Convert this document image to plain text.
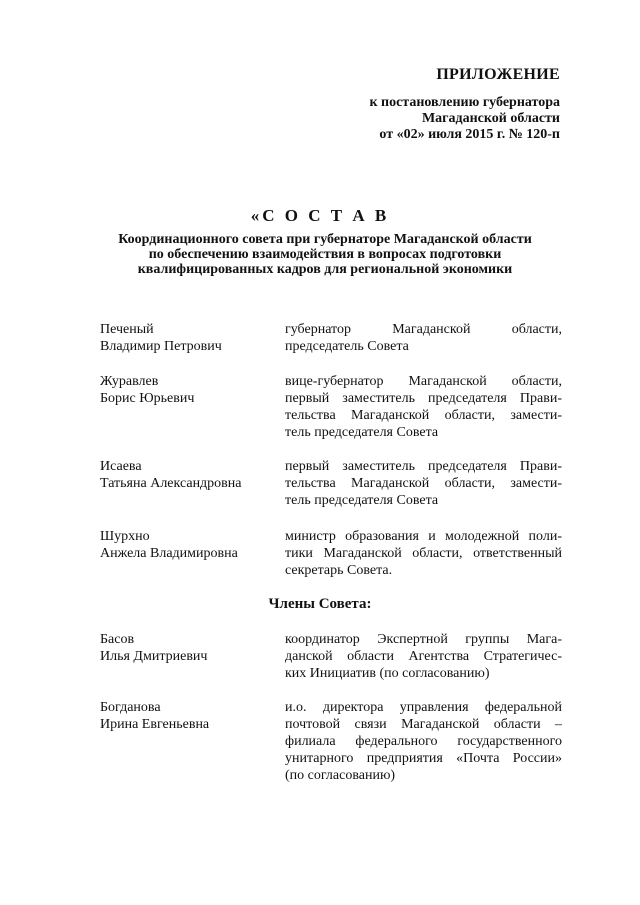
ПРИЛОЖЕНИЕ
к постановлению губернатора
Магаданской области
от «02» июля 2015 г. № 120-п
«С О С Т А В
Координационного совета при губернаторе Магаданской области
по обеспечению взаимодействия в вопросах подготовки
квалифицированных кадров для региональной экономики
Печеный
Владимир Петрович
губернатор Магаданской области,
председатель Совета
Журавлев
Борис Юрьевич
вице-губернатор Магаданской области,
первый заместитель председателя Прави-
тельства Магаданской области, замести-
тель председателя Совета
Исаева
Татьяна Александровна
первый заместитель председателя Прави-
тельства Магаданской области, замести-
тель председателя Совета
Шурхно
Анжела Владимировна
министр образования и молодежной поли-
тики Магаданской области, ответственный
секретарь Совета.
Члены Совета:
Басов
Илья Дмитриевич
координатор Экспертной группы Мага-
данской области Агентства Стратегичес-
ких Инициатив (по согласованию)
Богданова
Ирина Евгеньевна
и.о. директора управления федеральной
почтовой связи Магаданской области –
филиала федерального государственного
унитарного предприятия «Почта России»
(по согласованию)
